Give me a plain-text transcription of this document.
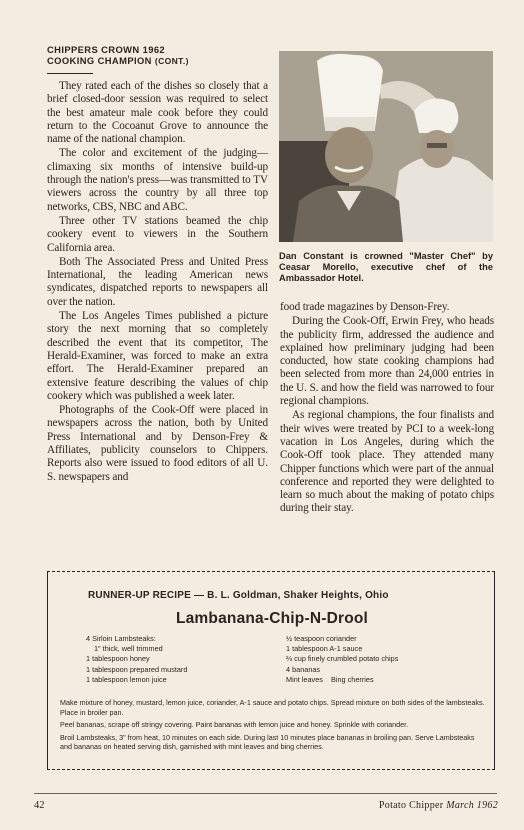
CHIPPERS CROWN 1962
COOKING CHAMPION (CONT.)

They rated each of the dishes so closely that a brief closed-door session was required to select the best amateur male cook before they could return to the Cocoanut Grove to announce the name of the national champion.

The color and excitement of the judging—climaxing six months of intensive build-up through the nation's press—was transmitted to TV viewers across the country by all three top networks, CBS, NBC and ABC.

Three other TV stations beamed the chip cookery event to viewers in the Southern California area.

Both The Associated Press and United Press International, the leading American news syndicates, dispatched reports to newspapers all over the nation.

The Los Angeles Times published a picture story the next morning that so completely described the event that its competitor, The Herald-Examiner, was forced to make an extra effort. The Herald-Examiner prepared an extensive feature describing the values of chip cookery which was published a week later.

Photographs of the Cook-Off were placed in newspapers across the nation, both by United Press International and by Denson-Frey & Affiliates, publicity counselors to Chippers. Reports also were issued to food editors of all U. S. newspapers and

Dan Constant is crowned "Master Chef" by Ceasar Morello, executive chef of the Ambassador Hotel.

food trade magazines by Denson-Frey.

During the Cook-Off, Erwin Frey, who heads the publicity firm, addressed the audience and explained how preliminary judging had been conducted, how state cooking champions had been selected from more than 24,000 entries in the U. S. and how the field was narrowed to four regional champions.

As regional champions, the four finalists and their wives were treated by PCI to a week-long vacation in Los Angeles, during which the Cook-Off took place. They attended many Chipper functions which were part of the annual conference and reported they were delighted to learn so much about the making of potato chips during their stay.

RUNNER-UP RECIPE — B. L. Goldman, Shaker Heights, Ohio
Lambanana-Chip-N-Drool
4 Sirloin Lambsteaks:
1" thick, well trimmed
1 tablespoon honey
1 tablespoon prepared mustard
1 tablespoon lemon juice
½ teaspoon coriander
1 tablespoon A-1 sauce
⅔ cup finely crumbled potato chips
4 bananas
Mint leaves    Bing cherries

Make mixture of honey, mustard, lemon juice, coriander, A-1 sauce and potato chips. Spread mixture on both sides of the lambsteaks. Place in broiler pan.

Peel bananas, scrape off stringy covering. Paint bananas with lemon juice and honey. Sprinkle with coriander.

Broil Lambsteaks, 3" from heat, 10 minutes on each side. During last 10 minutes place bananas in broiling pan. Serve Lambsteaks and bananas on heated serving dish, garnished with mint leaves and bing cherries.

42	Potato Chipper March 1962
